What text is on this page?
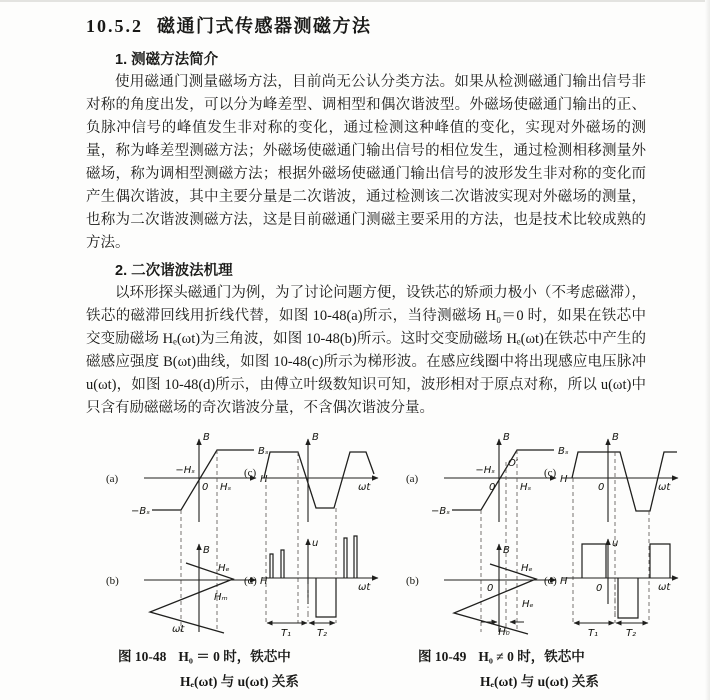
10.5.2 磁通门式传感器测磁方法
1. 测磁方法简介

使用磁通门测量磁场方法，目前尚无公认分类方法。如果从检测磁通门输出信号非对称的角度出发，可以分为峰差型、调相型和偶次谐波型。外磁场使磁通门输出的正、负脉冲信号的峰值发生非对称的变化，通过检测这种峰值的变化，实现对外磁场的测量，称为峰差型测磁方法；外磁场使磁通门输出信号的相位发生，通过检测相移测量外磁场，称为调相型测磁方法；根据外磁场使磁通门输出信号的波形发生非对称的变化而产生偶次谐波，其中主要分量是二次谐波，通过检测该二次谐波实现对外磁场的测量，也称为二次谐波测磁方法，这是目前磁通门测磁主要采用的方法，也是技术比较成熟的方法。

2. 二次谐波法机理

以环形探头磁通门为例，为了讨论问题方便，设铁芯的矫顽力极小（不考虑磁滞），铁芯的磁滞回线用折线代替，如图 10-48(a)所示，当待测磁场 H₀＝0 时，如果在铁芯中交变励磁场 Hₑ(ωt)为三角波，如图 10-48(b)所示。这时交变励磁场 Hₑ(ωt)在铁芯中产生的磁感应强度 B(ωt)曲线，如图 10-48(c)所示为梯形波。在感应线圈中将出现感应电压脉冲 u(ωt)，如图 10-48(d)所示，由傅立叶级数知识可知，波形相对于原点对称，所以 u(ωt)中只含有励磁磁场的奇次谐波分量，不含偶次谐波分量。

(a)
B
H
Bₛ
−Bₛ
−Hₛ
0 Hₛ
(b)
B
H
Hₑ
Hₘ
ωt
(c)
B
ωt
(d)
u
ωt
T₁	T₂
图 10-48 H₀ ＝ 0 时，铁芯中
Hₑ(ωt) 与 u(ωt) 关系
(a)
B
H
Bₛ
−Bₛ
−Hₛ
O′
0 Hₛ
(b)
B
H
Hₑ
Hₑ
0
H₀
(c)
B
ωt
0
(d)
u
ωt
0
T₁	T₂
图 10-49 H₀ ≠ 0 时，铁芯中
Hₑ(ωt) 与 u(ωt) 关系
